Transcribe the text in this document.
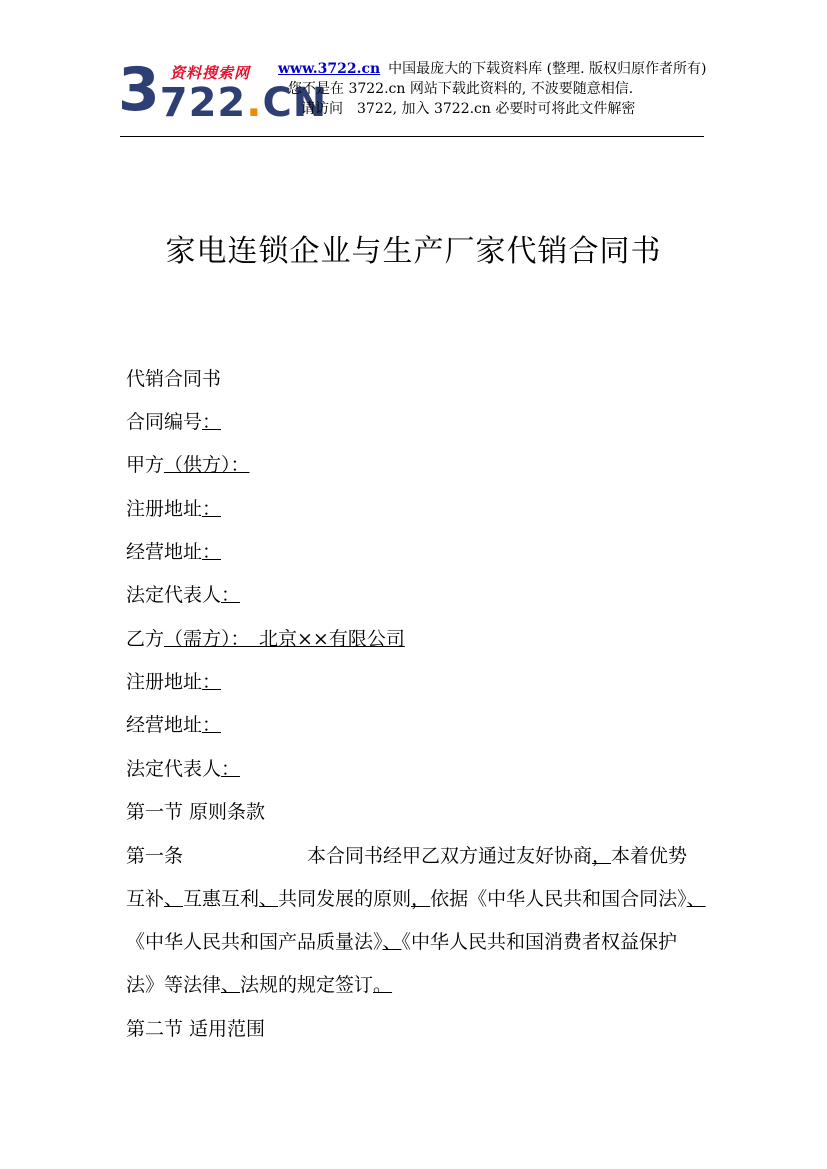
3722.CN
资料搜索网 www.3722.cn 中国最庞大的下载资料库 (整理. 版权归原作者所有)
您不是在 3722.cn 网站下载此资料的, 不波要随意相信.
请访问　3722, 加入 3722.cn 必要时可将此文件解密
家电连锁企业与生产厂家代销合同书
代销合同书
合同编号：
甲方（供方）：
注册地址：
经营地址：
法定代表人：
乙方（需方）：　北京××有限公司
注册地址：
经营地址：
法定代表人：
第一节 原则条款
第一条	本合同书经甲乙双方通过友好协商，本着优势
互补、互惠互利、共同发展的原则，依据《中华人民共和国合同法》、
《中华人民共和国产品质量法》、《中华人民共和国消费者权益保护
法》等法律、法规的规定签订。
第二节 适用范围
